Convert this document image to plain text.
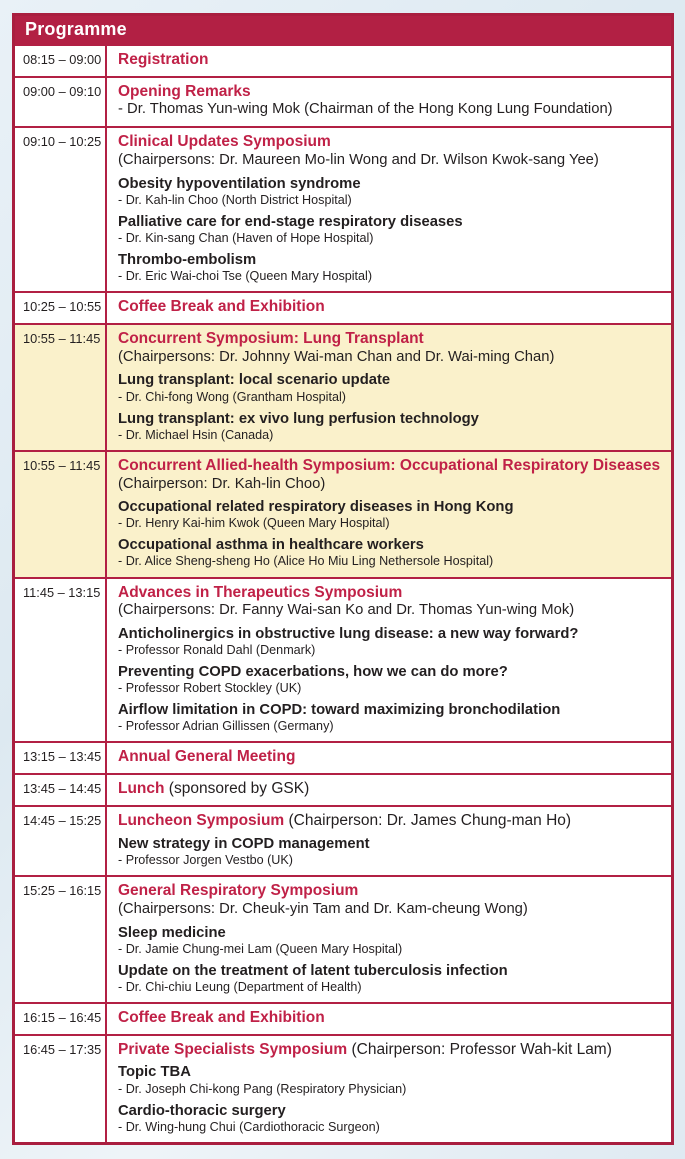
Programme
08:15 – 09:00	Registration
09:00 – 09:10	Opening Remarks
- Dr. Thomas Yun-wing Mok (Chairman of the Hong Kong Lung Foundation)
09:10 – 10:25	Clinical Updates Symposium
(Chairpersons: Dr. Maureen Mo-lin Wong and Dr. Wilson Kwok-sang Yee)
Obesity hypoventilation syndrome
- Dr. Kah-lin Choo (North District Hospital)
Palliative care for end-stage respiratory diseases
- Dr. Kin-sang Chan (Haven of Hope Hospital)
Thrombo-embolism
- Dr. Eric Wai-choi Tse (Queen Mary Hospital)
10:25 – 10:55	Coffee Break and Exhibition
10:55 – 11:45	Concurrent Symposium: Lung Transplant
(Chairpersons: Dr. Johnny Wai-man Chan and Dr. Wai-ming Chan)
Lung transplant: local scenario update
- Dr. Chi-fong Wong (Grantham Hospital)
Lung transplant: ex vivo lung perfusion technology
- Dr. Michael Hsin (Canada)
10:55 – 11:45	Concurrent Allied-health Symposium: Occupational Respiratory Diseases
(Chairperson: Dr. Kah-lin Choo)
Occupational related respiratory diseases in Hong Kong
- Dr. Henry Kai-him Kwok (Queen Mary Hospital)
Occupational asthma in healthcare workers
- Dr. Alice Sheng-sheng Ho (Alice Ho Miu Ling Nethersole Hospital)
11:45 – 13:15	Advances in Therapeutics Symposium
(Chairpersons: Dr. Fanny Wai-san Ko and Dr. Thomas Yun-wing Mok)
Anticholinergics in obstructive lung disease: a new way forward?
- Professor Ronald Dahl (Denmark)
Preventing COPD exacerbations, how we can do more?
- Professor Robert Stockley (UK)
Airflow limitation in COPD: toward maximizing bronchodilation
- Professor Adrian Gillissen (Germany)
13:15 – 13:45	Annual General Meeting
13:45 – 14:45	Lunch (sponsored by GSK)
14:45 – 15:25	Luncheon Symposium (Chairperson: Dr. James Chung-man Ho)
New strategy in COPD management
- Professor Jorgen Vestbo (UK)
15:25 – 16:15	General Respiratory Symposium
(Chairpersons: Dr. Cheuk-yin Tam and Dr. Kam-cheung Wong)
Sleep medicine
- Dr. Jamie Chung-mei Lam (Queen Mary Hospital)
Update on the treatment of latent tuberculosis infection
- Dr. Chi-chiu Leung (Department of Health)
16:15 – 16:45	Coffee Break and Exhibition
16:45 – 17:35	Private Specialists Symposium (Chairperson: Professor Wah-kit Lam)
Topic TBA
- Dr. Joseph Chi-kong Pang (Respiratory Physician)
Cardio-thoracic surgery
- Dr. Wing-hung Chui (Cardiothoracic Surgeon)
